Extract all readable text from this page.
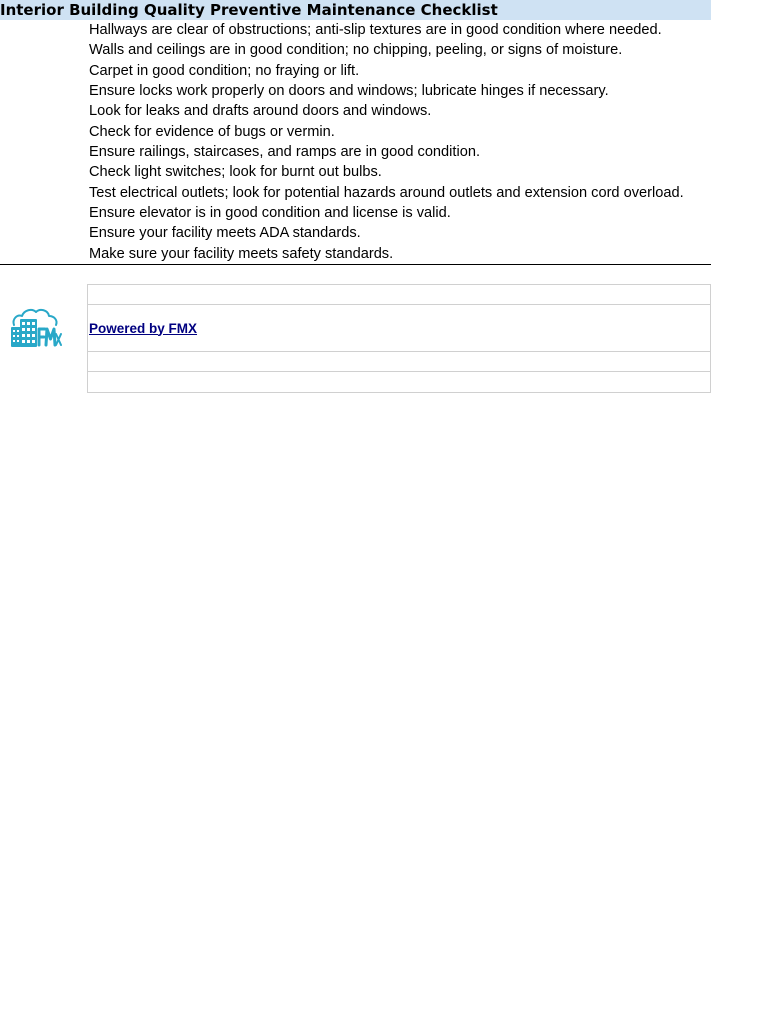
Interior Building Quality Preventive Maintenance Checklist
Hallways are clear of obstructions; anti-slip textures are in good condition where needed.
Walls and ceilings are in good condition; no chipping, peeling, or signs of moisture.
Carpet in good condition; no fraying or lift.
Ensure locks work properly on doors and windows; lubricate hinges if necessary.
Look for leaks and drafts around doors and windows.
Check for evidence of bugs or vermin.
Ensure railings, staircases, and ramps are in good condition.
Check light switches; look for burnt out bulbs.
Test electrical outlets; look for potential hazards around outlets and extension cord overload.
Ensure elevator is in good condition and license is valid.
Ensure your facility meets ADA standards.
Make sure your facility meets safety standards.
Powered by FMX
